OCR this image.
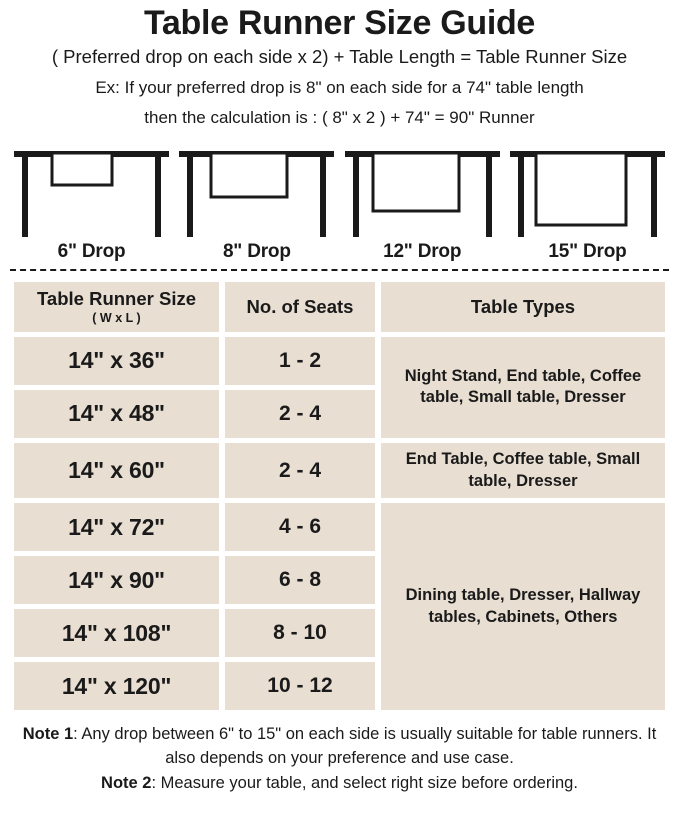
Table Runner Size Guide
( Preferred drop on each side x 2) + Table Length = Table Runner Size
Ex: If your preferred drop is 8" on each side for a 74" table length
then the calculation is : ( 8" x 2 ) + 74" = 90" Runner
6" Drop	8" Drop	12" Drop	15" Drop
Table Runner Size
( W x L )	No. of Seats	Table Types
14" x 36"	1 - 2	Night Stand, End table, Coffee table, Small table, Dresser
14" x 48"	2 - 4	
14" x 60"	2 - 4	End Table, Coffee table, Small table, Dresser
14" x 72"	4 - 6	Dining table, Dresser, Hallway tables, Cabinets, Others
14" x 90"	6 - 8	
14" x 108"	8 - 10	
14" x 120"	10 - 12	

Note 1: Any drop between 6" to 15" on each side is usually suitable for table runners. It also depends on your preference and use case.

Note 2: Measure your table, and select right size before ordering.
